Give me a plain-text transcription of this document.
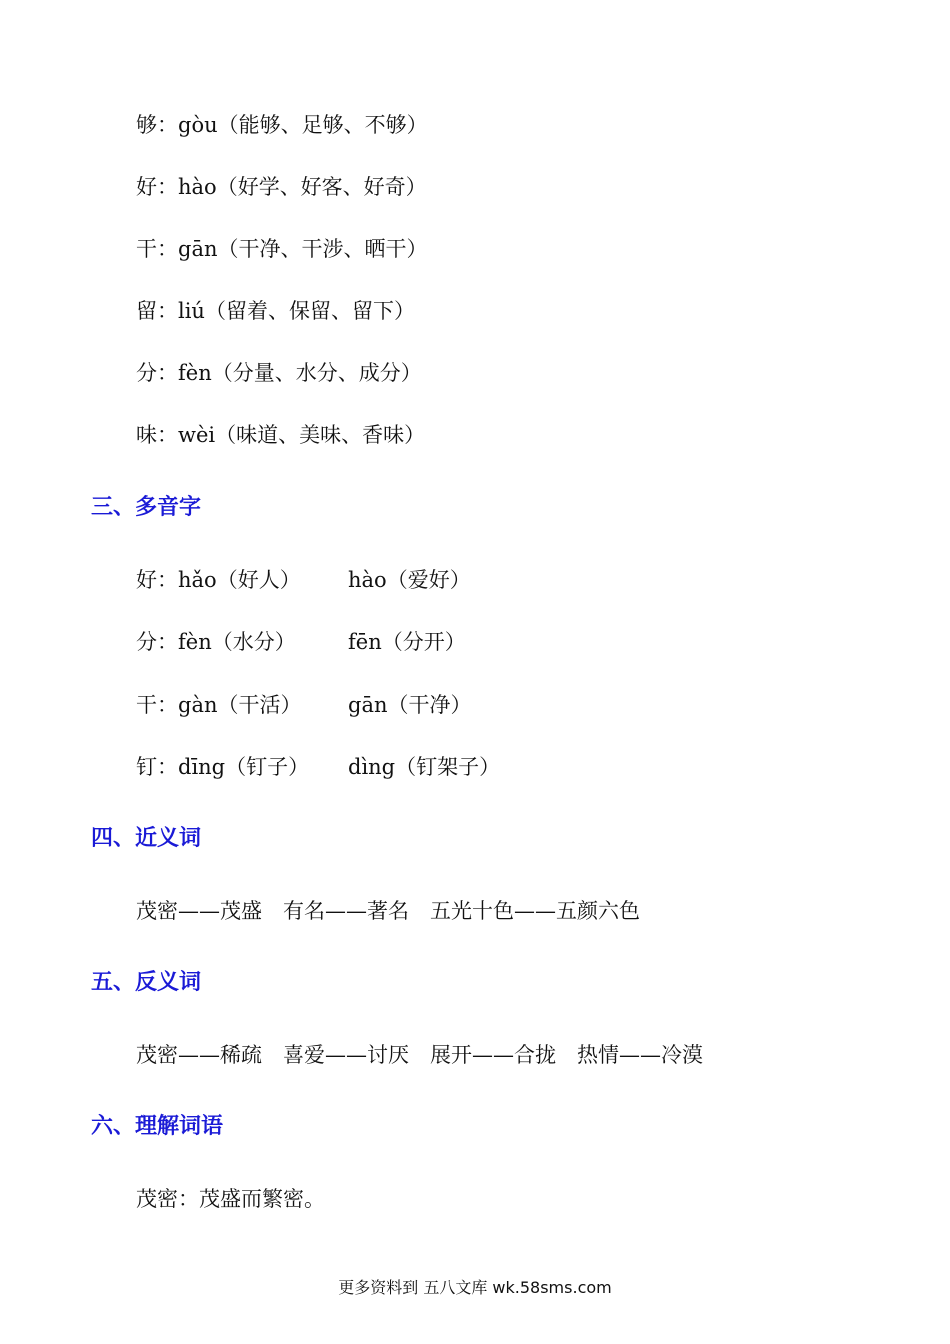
够：gòu（能够、足够、不够）
好：hào（好学、好客、好奇）
干：gān（干净、干涉、晒干）
留：liú（留着、保留、留下）
分：fèn（分量、水分、成分）
味：wèi（味道、美味、香味）
三、多音字
好：hǎo（好人） hào（爱好）
分：fèn（水分） fēn（分开）
干：gàn（干活） gān（干净）
钉：dīng（钉子） dìng（钉架子）
四、近义词
茂密——茂盛　有名——著名　五光十色——五颜六色
五、反义词
茂密——稀疏　喜爱——讨厌　展开——合拢　热情——冷漠
六、理解词语
茂密：茂盛而繁密。
更多资料到 五八文库 wk.58sms.com
